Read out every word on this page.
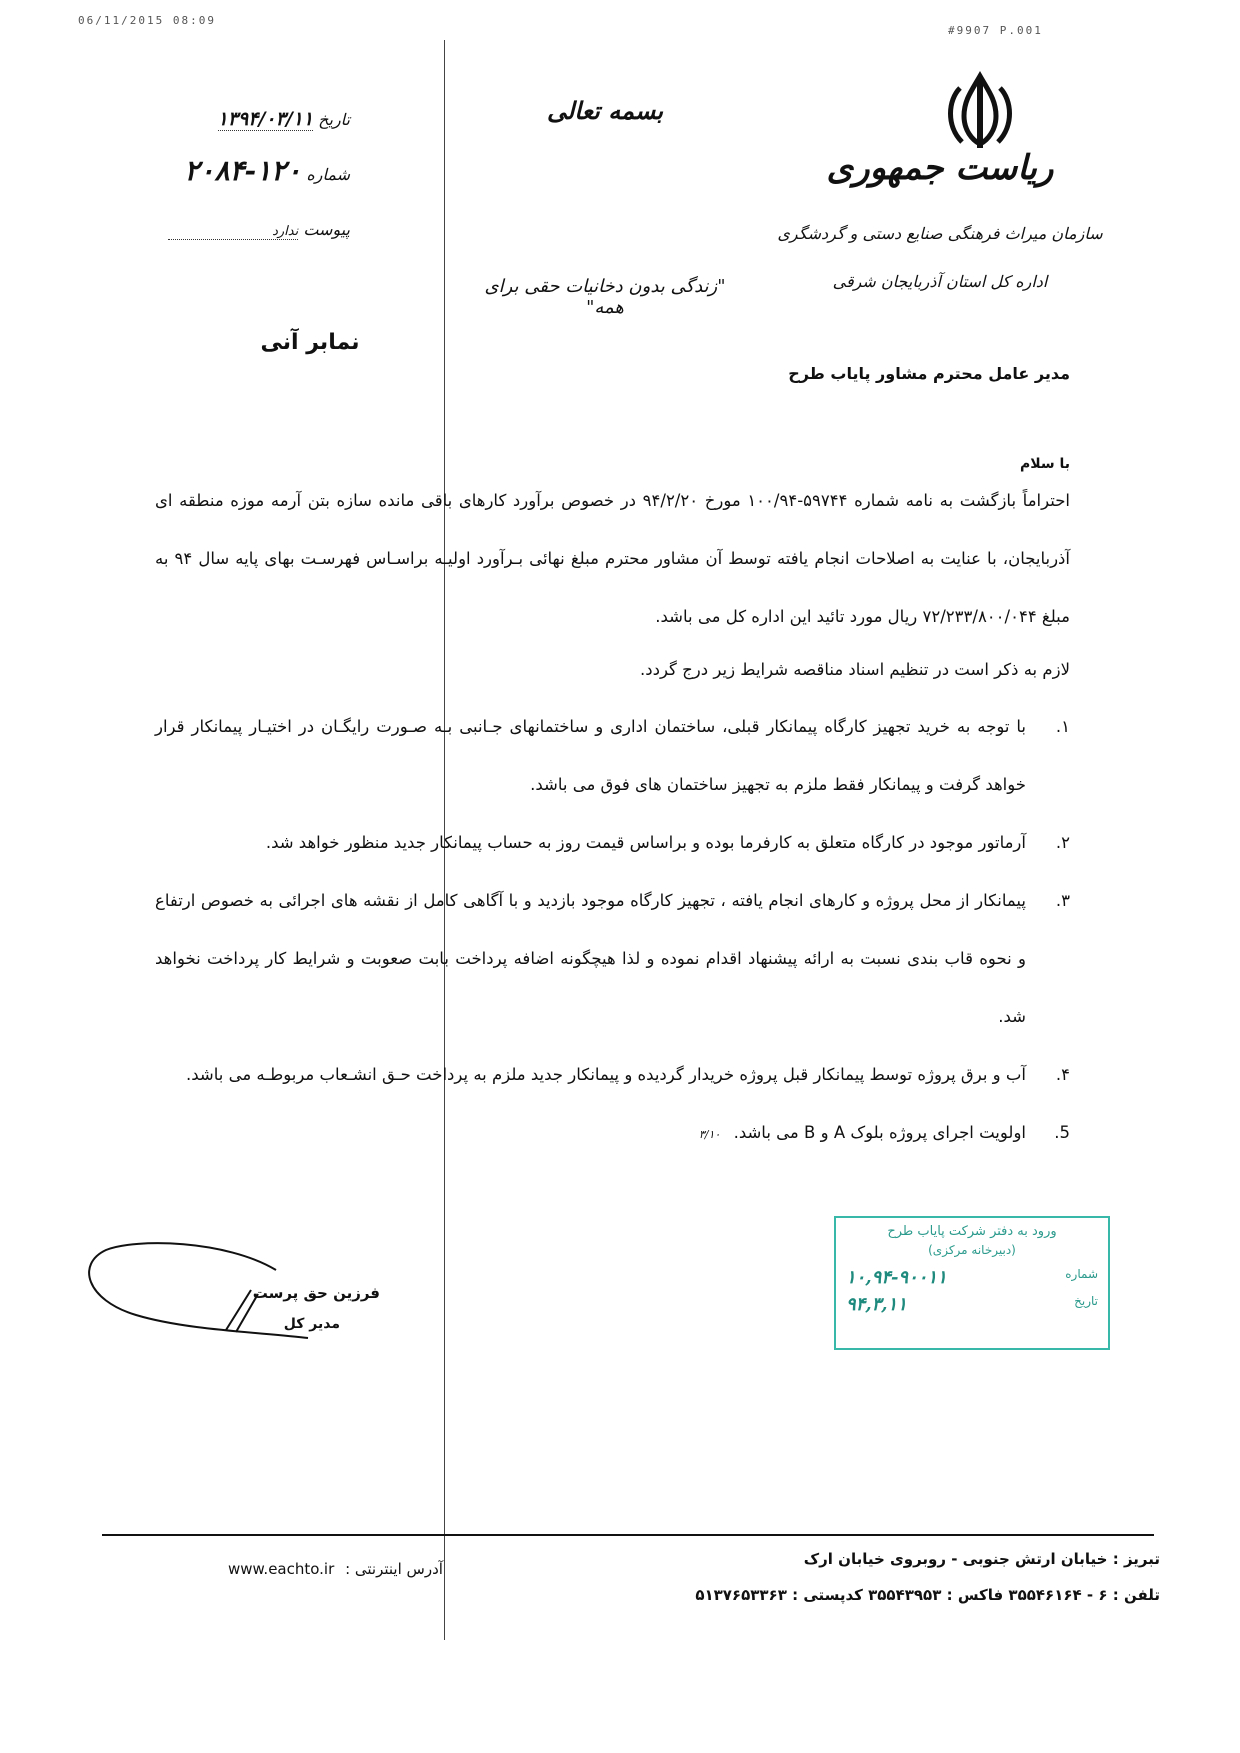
06/11/2015 08:09
#9907 P.001
ریاست جمهوری
سازمان میراث فرهنگی صنایع دستی و گردشگری
اداره کل استان آذربایجان شرقی
بسمه تعالی
"زندگی بدون دخانیات حقی برای همه"
تاریخ ۱۳۹۴/۰۳/۱۱
شماره ۱۲۰-۲۰۸۴
پیوست ندارد
نمابر آنی
مدیر عامل محترم مشاور پایاب طرح
با سلام
احتراماً بازگشت به نامه شماره ۵۹۷۴۴-۱۰۰/۹۴ مورخ ۹۴/۲/۲۰ در خصوص برآورد کارهای باقی مانده سازه بتن آرمه موزه منطقه ای آذربایجان، با عنایت به اصلاحات انجام یافته توسط آن مشاور محترم مبلغ نهائی بـرآورد اولیـه براسـاس فهرسـت بهای پایه سال ۹۴ به مبلغ ۷۲/۲۳۳/۸۰۰/۰۴۴ ریال مورد تائید این اداره کل می باشد.
لازم به ذکر است در تنظیم اسناد مناقصه شرایط زیر درج گردد.
۱.
با توجه به خرید تجهیز کارگاه پیمانکار قبلی، ساختمان اداری و ساختمانهای جـانبی بـه صـورت رایگـان در اختیـار پیمانکار قرار خواهد گرفت و پیمانکار فقط ملزم به تجهیز ساختمان های فوق می باشد.
۲.
آرماتور موجود در کارگاه متعلق به کارفرما بوده و براساس قیمت روز به حساب پیمانکار جدید منظور خواهد شد.
۳.
پیمانکار از محل پروژه و کارهای انجام یافته ، تجهیز کارگاه موجود بازدید و با آگاهی کامل از نقشه های اجرائی به خصوص ارتفاع و نحوه قاب بندی نسبت به ارائه پیشنهاد اقدام نموده و لذا هیچگونه اضافه پرداخت بابت صعوبت و شرایط کار پرداخت نخواهد شد.
۴.
آب و برق پروژه توسط پیمانکار قبل پروژه خریدار گردیده و پیمانکار جدید ملزم به پرداخت حـق انشـعاب مربوطـه می باشد.
5.
اولویت اجرای پروژه بلوک A و B می باشد. ۳/۱۰
فرزین حق پرست
مدیر کل
ورود به دفتر شرکت پایاب طرح
(دبیرخانه مرکزی)
شماره
۱۰,۹۴-۹۰۰۱۱
تاریخ
۹۴,۳,۱۱
تبریز : خیابان ارتش جنوبی - روبروی خیابان ارک
تلفن : ۶ - ۳۵۵۴۶۱۶۴ فاکس : ۳۵۵۴۳۹۵۳ کدپستی : ۵۱۳۷۶۵۳۳۶۳
www.eachto.ir آدرس اینترنتی :
